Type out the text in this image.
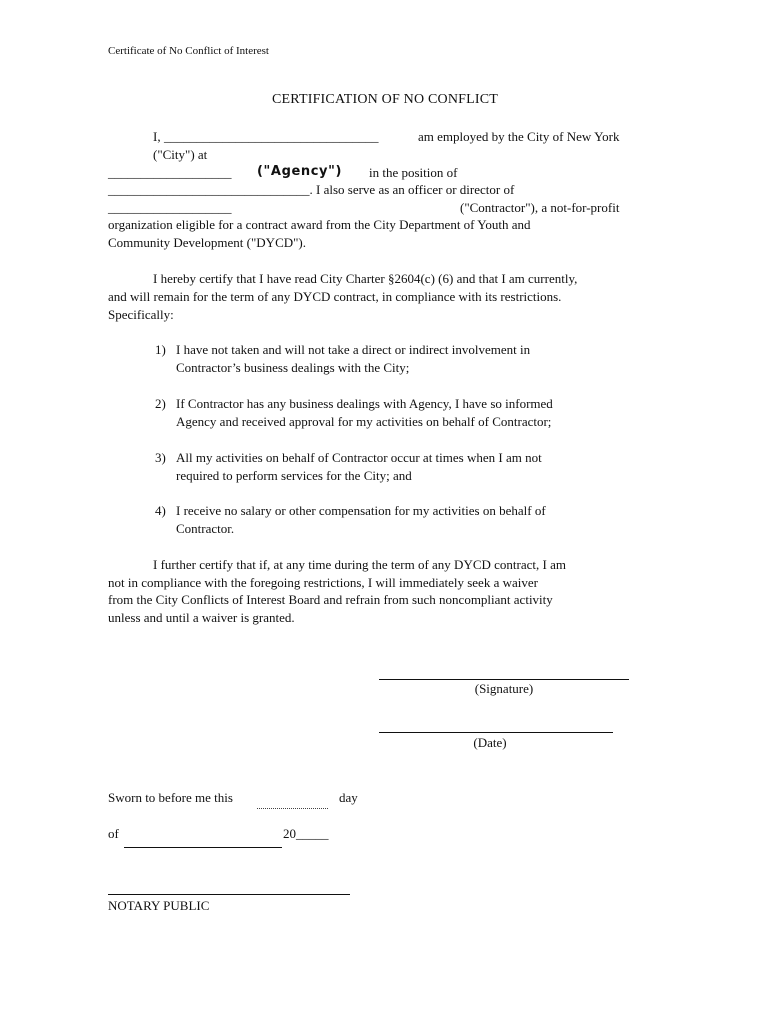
Certificate of No Conflict of Interest
CERTIFICATION OF NO CONFLICT
I, _________________________________	am employed by the City of New York
("City") at
___________________ ("Agency") in the position of
_______________________________. I also serve as an officer or director of
___________________	("Contractor"), a not-for-profit
organization eligible for a contract award from the City Department of Youth and
Community Development ("DYCD").
I hereby certify that I have read City Charter §2604(c) (6) and that I am currently,
and will remain for the term of any DYCD contract, in compliance with its restrictions.
Specifically:
1) I have not taken and will not take a direct or indirect involvement in
Contractor’s business dealings with the City;
2) If Contractor has any business dealings with Agency, I have so informed
Agency and received approval for my activities on behalf of Contractor;
3) All my activities on behalf of Contractor occur at times when I am not
required to perform services for the City; and
4) I receive no salary or other compensation for my activities on behalf of
Contractor.
I further certify that if, at any time during the term of any DYCD contract, I am
not in compliance with the foregoing restrictions, I will immediately seek a waiver
from the City Conflicts of Interest Board and refrain from such noncompliant activity
unless and until a waiver is granted.
(Signature)
(Date)
Sworn to before me this	day
of	20_____
NOTARY PUBLIC
